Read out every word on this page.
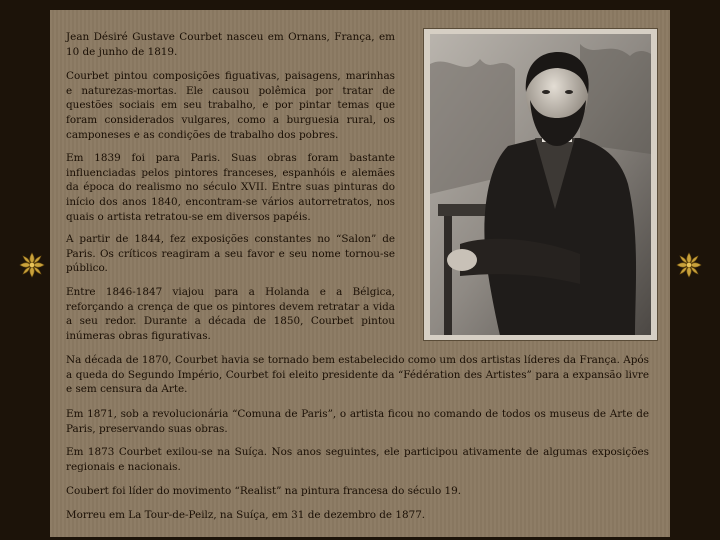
Jean Désiré Gustave Courbet nasceu em Ornans, França, em 10 de junho de 1819.

Courbet pintou composições figuativas, paisagens, marinhas e naturezas-mortas. Ele causou polêmica por tratar de questões sociais em seu trabalho, e por pintar temas que foram considerados vulgares, como a burguesia rural, os camponeses e as condições de trabalho dos pobres.

Em 1839 foi para Paris. Suas obras foram bastante influenciadas pelos pintores franceses, espanhóis e alemães da época do realismo no século XVII. Entre suas pinturas do início dos anos 1840, encontram-se vários autorretratos, nos quais o artista retratou-se em diversos papéis.

A partir de 1844, fez exposições constantes no “Salon” de Paris. Os críticos reagiram a seu favor e seu nome tornou-se público.

Entre 1846-1847 viajou para a Holanda e a Bélgica, reforçando a crença de que os pintores devem retratar a vida a seu redor. Durante a década de 1850, Courbet pintou inúmeras obras figurativas.

Na década de 1870, Courbet havia se tornado bem estabelecido como um dos artistas líderes da França. Após a queda do Segundo Império, Courbet foi eleito presidente da “Fédération des Artistes” para a expansão livre e sem censura da Arte.

Em 1871, sob a revolucionária “Comuna de Paris”, o artista ficou no comando de todos os museus de Arte de Paris, preservando suas obras.

Em 1873 Courbet exilou-se na Suíça. Nos anos seguintes, ele participou ativamente de algumas exposições regionais e nacionais.

Coubert foi líder do movimento “Realist” na pintura francesa do século 19.

Morreu em La Tour-de-Peilz, na Suíça, em 31 de dezembro de 1877.
